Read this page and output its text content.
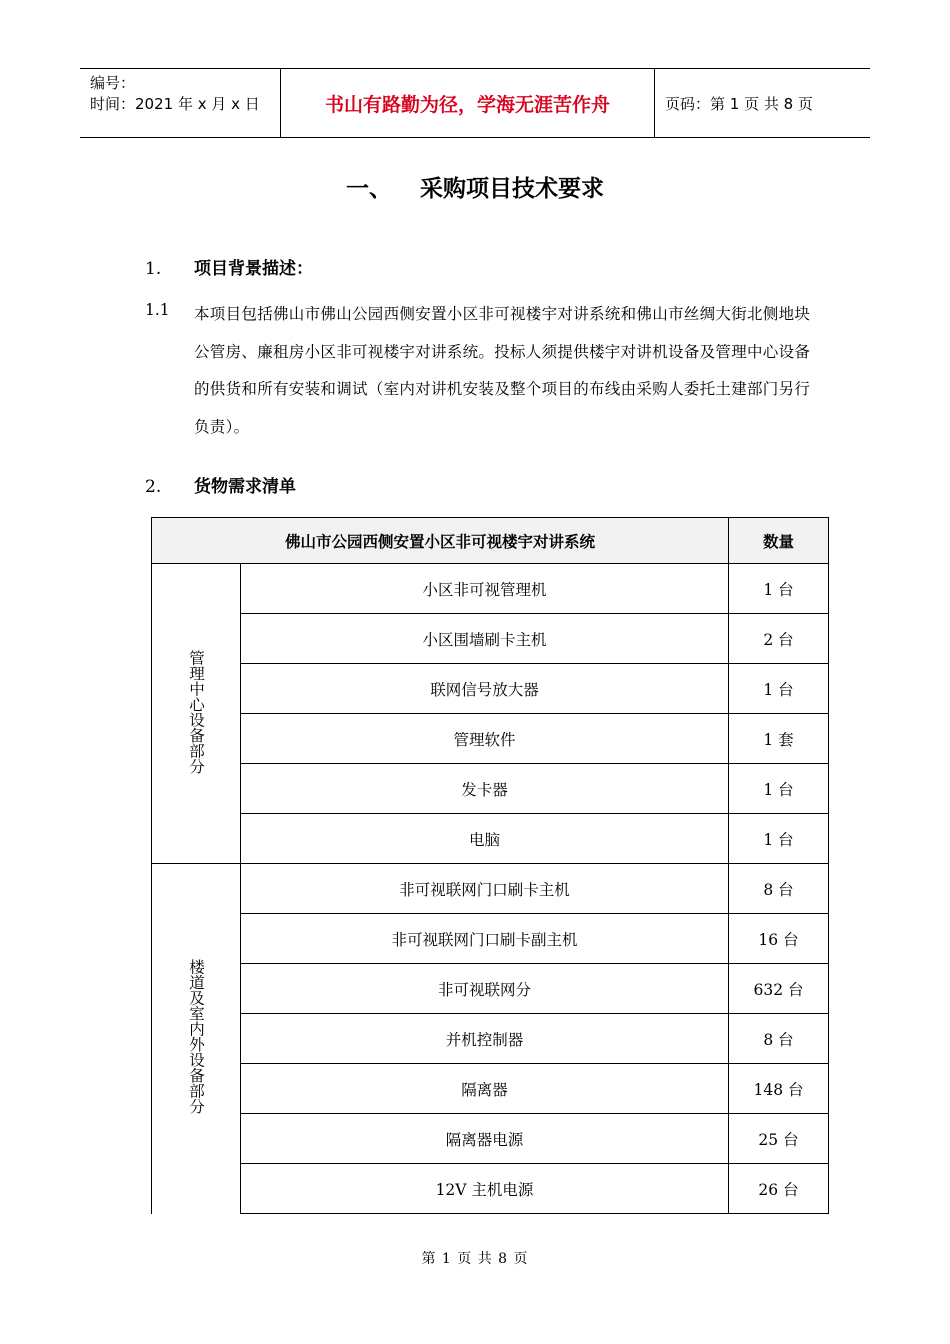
编号：
时间：2021 年 x 月 x 日	书山有路勤为径，学海无涯苦作舟	页码：第 1 页 共 8 页
一、 采购项目技术要求
1. 项目背景描述：
1.1 本项目包括佛山市佛山公园西侧安置小区非可视楼宇对讲系统和佛山市丝绸大街北侧地块公管房、廉租房小区非可视楼宇对讲系统。投标人须提供楼宇对讲机设备及管理中心设备的供货和所有安装和调试（室内对讲机安装及整个项目的布线由采购人委托土建部门另行负责）。
2. 货物需求清单
佛山市公园西侧安置小区非可视楼宇对讲系统		数量
管理中心设备部分	小区非可视管理机	1 台
	小区围墙刷卡主机	2 台
	联网信号放大器	1 台
	管理软件	1 套
	发卡器	1 台
	电脑	1 台
楼道及室内外设备部分	非可视联网门口刷卡主机	8 台
	非可视联网门口刷卡副主机	16 台
	非可视联网分	632 台
	并机控制器	8 台
	隔离器	148 台
	隔离器电源	25 台
	12V 主机电源	26 台
第 1 页 共 8 页
